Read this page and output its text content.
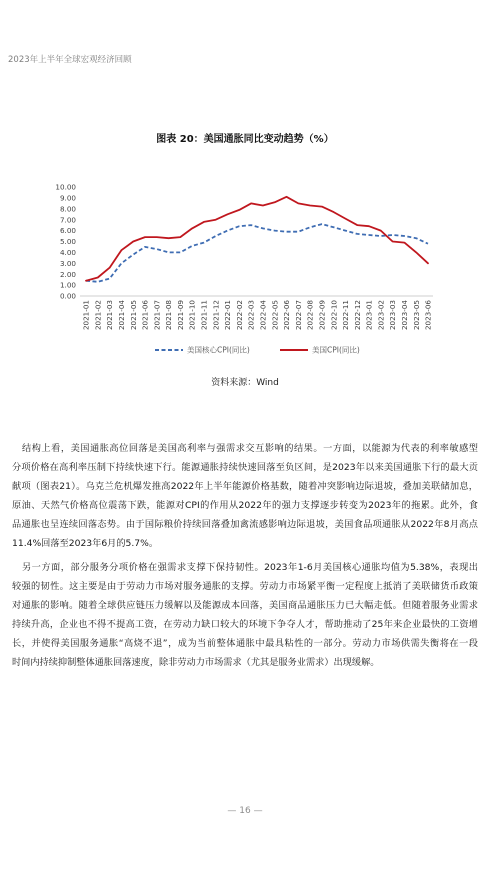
2023年上半年全球宏观经济回顾
图表 20：美国通胀同比变动趋势（%）
0.00
1.00
2.00
3.00
4.00
5.00
6.00
7.00
8.00
9.00
10.00
2021-01 2021-02 2021-03 2021-04 2021-05 2021-06 2021-07 2021-08 2021-09 2021-10 2021-11 2021-12 2022-01 2022-02 2022-03 2022-04 2022-05 2022-06 2022-07 2022-08 2022-09 2022-10 2022-11 2022-12 2023-01 2023-02 2023-03 2023-04 2023-05 2023-06
美国核心CPI(同比)	美国CPI(同比)
资料来源：Wind
结构上看，美国通胀高位回落是美国高利率与强需求交互影响的结果。一方面，以能源为代表的利率敏感型
分项价格在高利率压制下持续快速下行。能源通胀持续快速回落至负区间，是2023年以来美国通胀下行的最大贡
献项（图表21）。乌克兰危机爆发推高2022年上半年能源价格基数，随着冲突影响边际退坡，叠加美联储加息，
原油、天然气价格高位震荡下跌，能源对CPI的作用从2022年的强力支撑逐步转变为2023年的拖累。此外，食
品通胀也呈连续回落态势。由于国际粮价持续回落叠加禽流感影响边际退坡，美国食品项通胀从2022年8月高点
11.4%回落至2023年6月的5.7%。
另一方面，部分服务分项价格在强需求支撑下保持韧性。2023年1-6月美国核心通胀均值为5.38%，表现出
较强的韧性。这主要是由于劳动力市场对服务通胀的支撑。劳动力市场紧平衡一定程度上抵消了美联储货币政策
对通胀的影响。随着全球供应链压力缓解以及能源成本回落，美国商品通胀压力已大幅走低。但随着服务业需求
持续升高，企业也不得不提高工资，在劳动力缺口较大的环境下争夺人才，帮助推动了25年来企业最快的工资增
长，并使得美国服务通胀“高烧不退”，成为当前整体通胀中最具粘性的一部分。劳动力市场供需失衡将在一段
时间内持续抑制整体通胀回落速度，除非劳动力市场需求（尤其是服务业需求）出现缓解。
— 16 —
